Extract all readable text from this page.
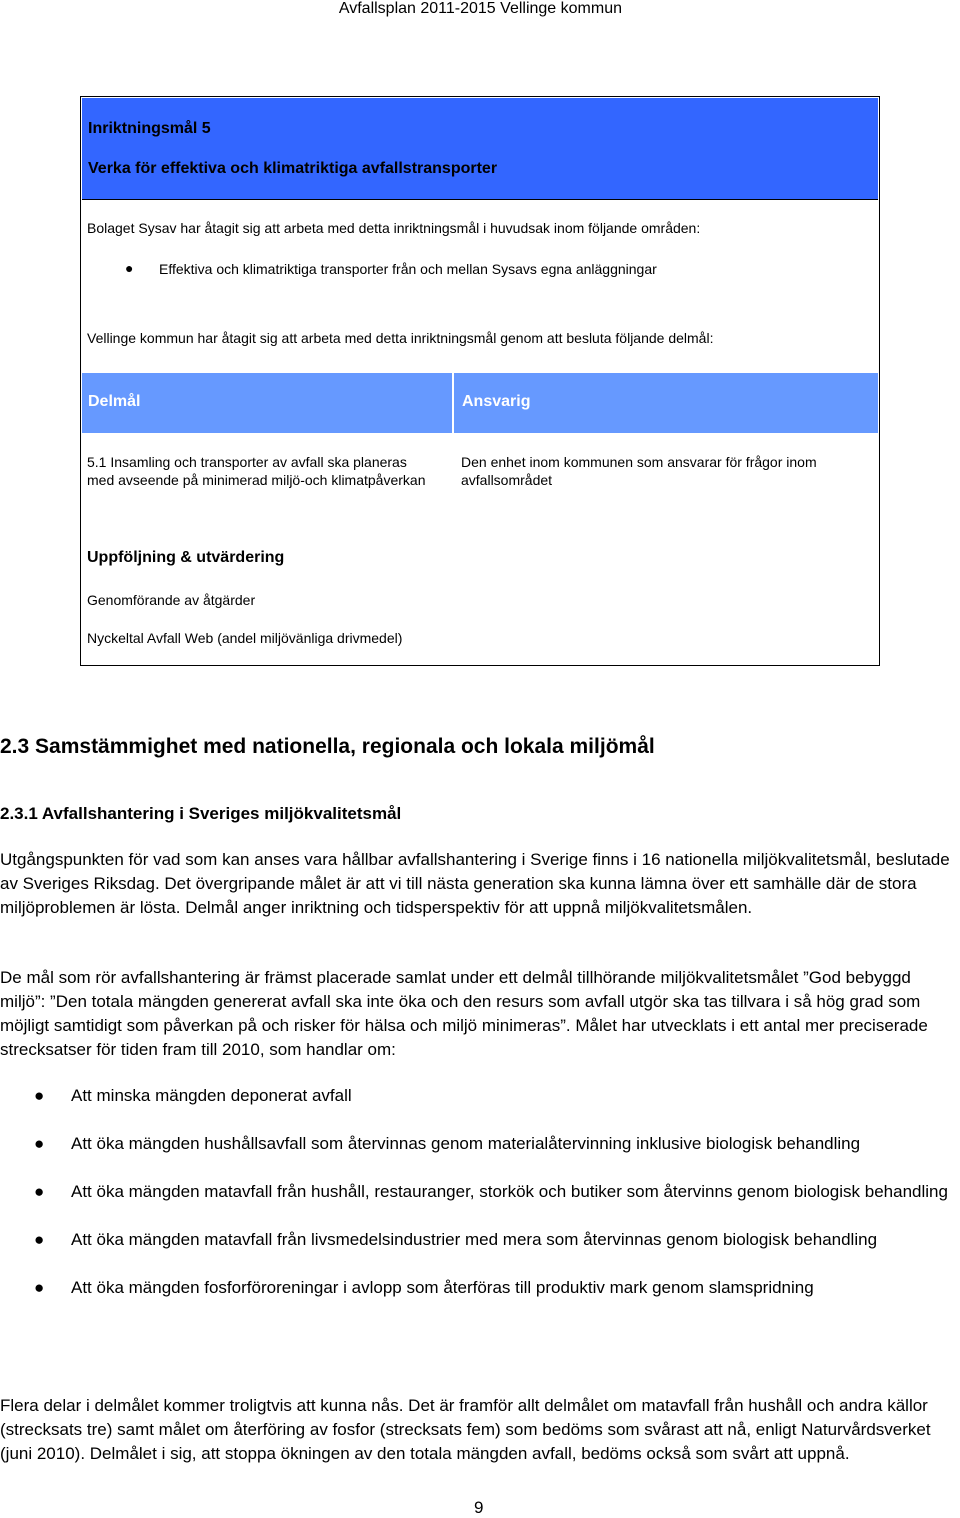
Avfallsplan 2011-2015 Vellinge kommun
Inriktningsmål 5
Verka för effektiva och klimatriktiga avfallstransporter
Bolaget Sysav har åtagit sig att arbeta med detta inriktningsmål i huvudsak inom följande områden:
● Effektiva och klimatriktiga transporter från och mellan Sysavs egna anläggningar
Vellinge kommun har åtagit sig att arbeta med detta inriktningsmål genom att besluta följande delmål:
Delmål	Ansvarig
5.1 Insamling och transporter av avfall ska planeras med avseende på minimerad miljö-och klimatpåverkan
Den enhet inom kommunen som ansvarar för frågor inom avfallsområdet
Uppföljning & utvärdering
Genomförande av åtgärder
Nyckeltal Avfall Web (andel miljövänliga drivmedel)
2.3 Samstämmighet med nationella, regionala och lokala miljömål
2.3.1 Avfallshantering i Sveriges miljökvalitetsmål
Utgångspunkten för vad som kan anses vara hållbar avfallshantering i Sverige finns i 16 nationella miljökvalitetsmål, beslutade av Sveriges Riksdag. Det övergripande målet är att vi till nästa generation ska kunna lämna över ett samhälle där de stora miljöproblemen är lösta. Delmål anger inriktning och tidsperspektiv för att uppnå miljökvalitetsmålen.
De mål som rör avfallshantering är främst placerade samlat under ett delmål tillhörande miljökvalitetsmålet ”God bebyggd miljö”: ”Den totala mängden genererat avfall ska inte öka och den resurs som avfall utgör ska tas tillvara i så hög grad som möjligt samtidigt som påverkan på och risker för hälsa och miljö minimeras”. Målet har utvecklats i ett antal mer preciserade strecksatser för tiden fram till 2010, som handlar om:
● Att minska mängden deponerat avfall
● Att öka mängden hushållsavfall som återvinnas genom materialåtervinning inklusive biologisk behandling
● Att öka mängden matavfall från hushåll, restauranger, storkök och butiker som återvinns genom biologisk behandling
● Att öka mängden matavfall från livsmedelsindustrier med mera som återvinnas genom biologisk behandling
● Att öka mängden fosforföroreningar i avlopp som återföras till produktiv mark genom slamspridning
Flera delar i delmålet kommer troligtvis att kunna nås. Det är framför allt delmålet om matavfall från hushåll och andra källor (strecksats tre) samt målet om återföring av fosfor (strecksats fem) som bedöms som svårast att nå, enligt Naturvårdsverket (juni 2010). Delmålet i sig, att stoppa ökningen av den totala mängden avfall, bedöms också som svårt att uppnå.
9
